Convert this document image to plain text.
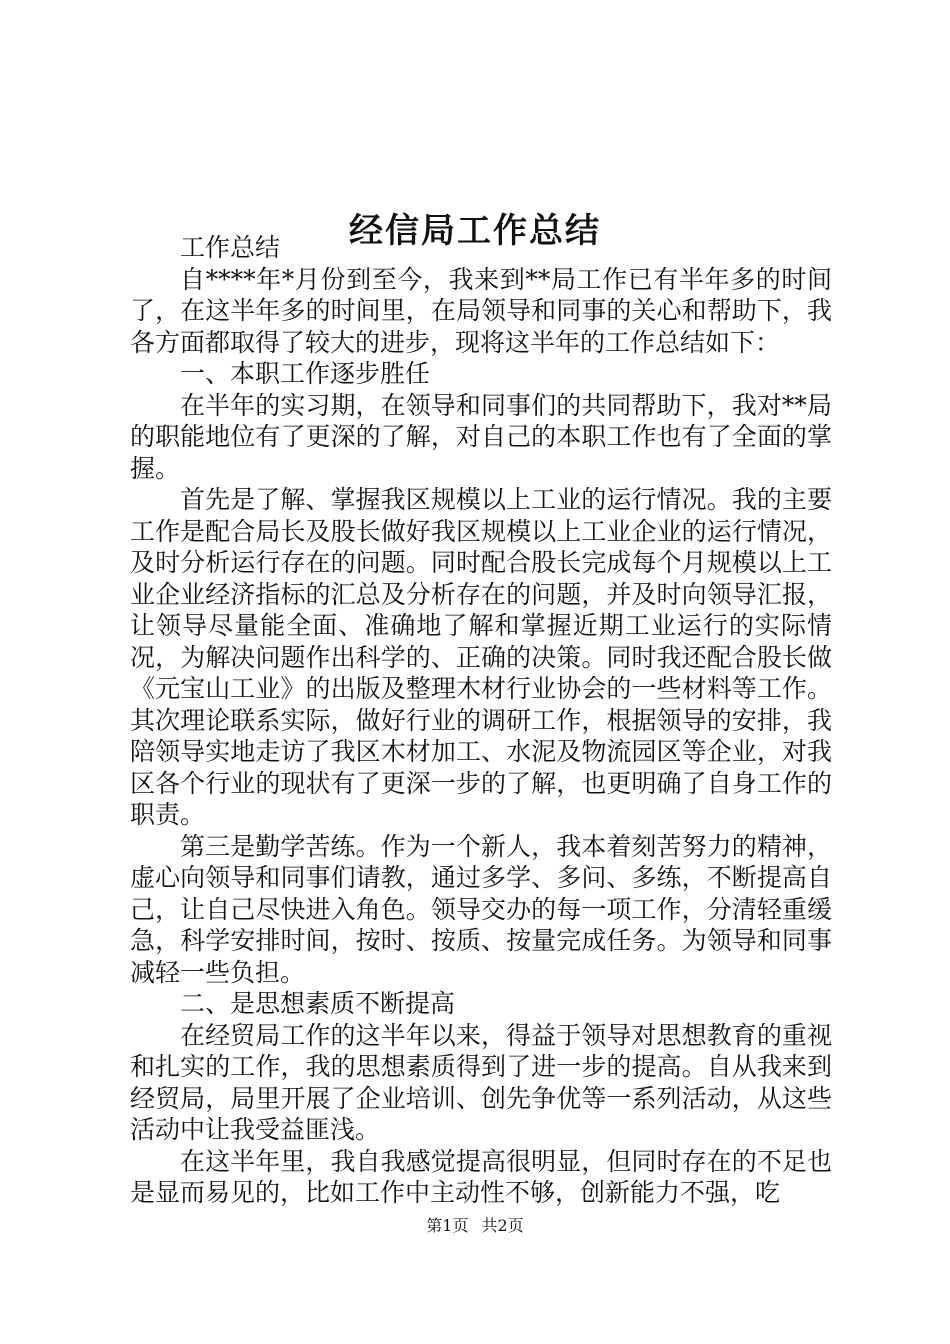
经信局工作总结

工作总结

自****年*月份到至今，我来到**局工作已有半年多的时间了，在这半年多的时间里，在局领导和同事的关心和帮助下，我各方面都取得了较大的进步，现将这半年的工作总结如下：

一、本职工作逐步胜任

在半年的实习期，在领导和同事们的共同帮助下，我对**局的职能地位有了更深的了解，对自己的本职工作也有了全面的掌握。

首先是了解、掌握我区规模以上工业的运行情况。我的主要工作是配合局长及股长做好我区规模以上工业企业的运行情况，及时分析运行存在的问题。同时配合股长完成每个月规模以上工业企业经济指标的汇总及分析存在的问题，并及时向领导汇报，让领导尽量能全面、准确地了解和掌握近期工业运行的实际情况，为解决问题作出科学的、正确的决策。同时我还配合股长做《元宝山工业》的出版及整理木材行业协会的一些材料等工作。其次理论联系实际，做好行业的调研工作，根据领导的安排，我陪领导实地走访了我区木材加工、水泥及物流园区等企业，对我区各个行业的现状有了更深一步的了解，也更明确了自身工作的职责。

第三是勤学苦练。作为一个新人，我本着刻苦努力的精神，虚心向领导和同事们请教，通过多学、多问、多练，不断提高自己，让自己尽快进入角色。领导交办的每一项工作，分清轻重缓急，科学安排时间，按时、按质、按量完成任务。为领导和同事减轻一些负担。

二、是思想素质不断提高

在经贸局工作的这半年以来，得益于领导对思想教育的重视和扎实的工作，我的思想素质得到了进一步的提高。自从我来到经贸局，局里开展了企业培训、创先争优等一系列活动，从这些活动中让我受益匪浅。

在这半年里，我自我感觉提高很明显，但同时存在的不足也是显而易见的，比如工作中主动性不够，创新能力不强，吃

第1页 共2页
